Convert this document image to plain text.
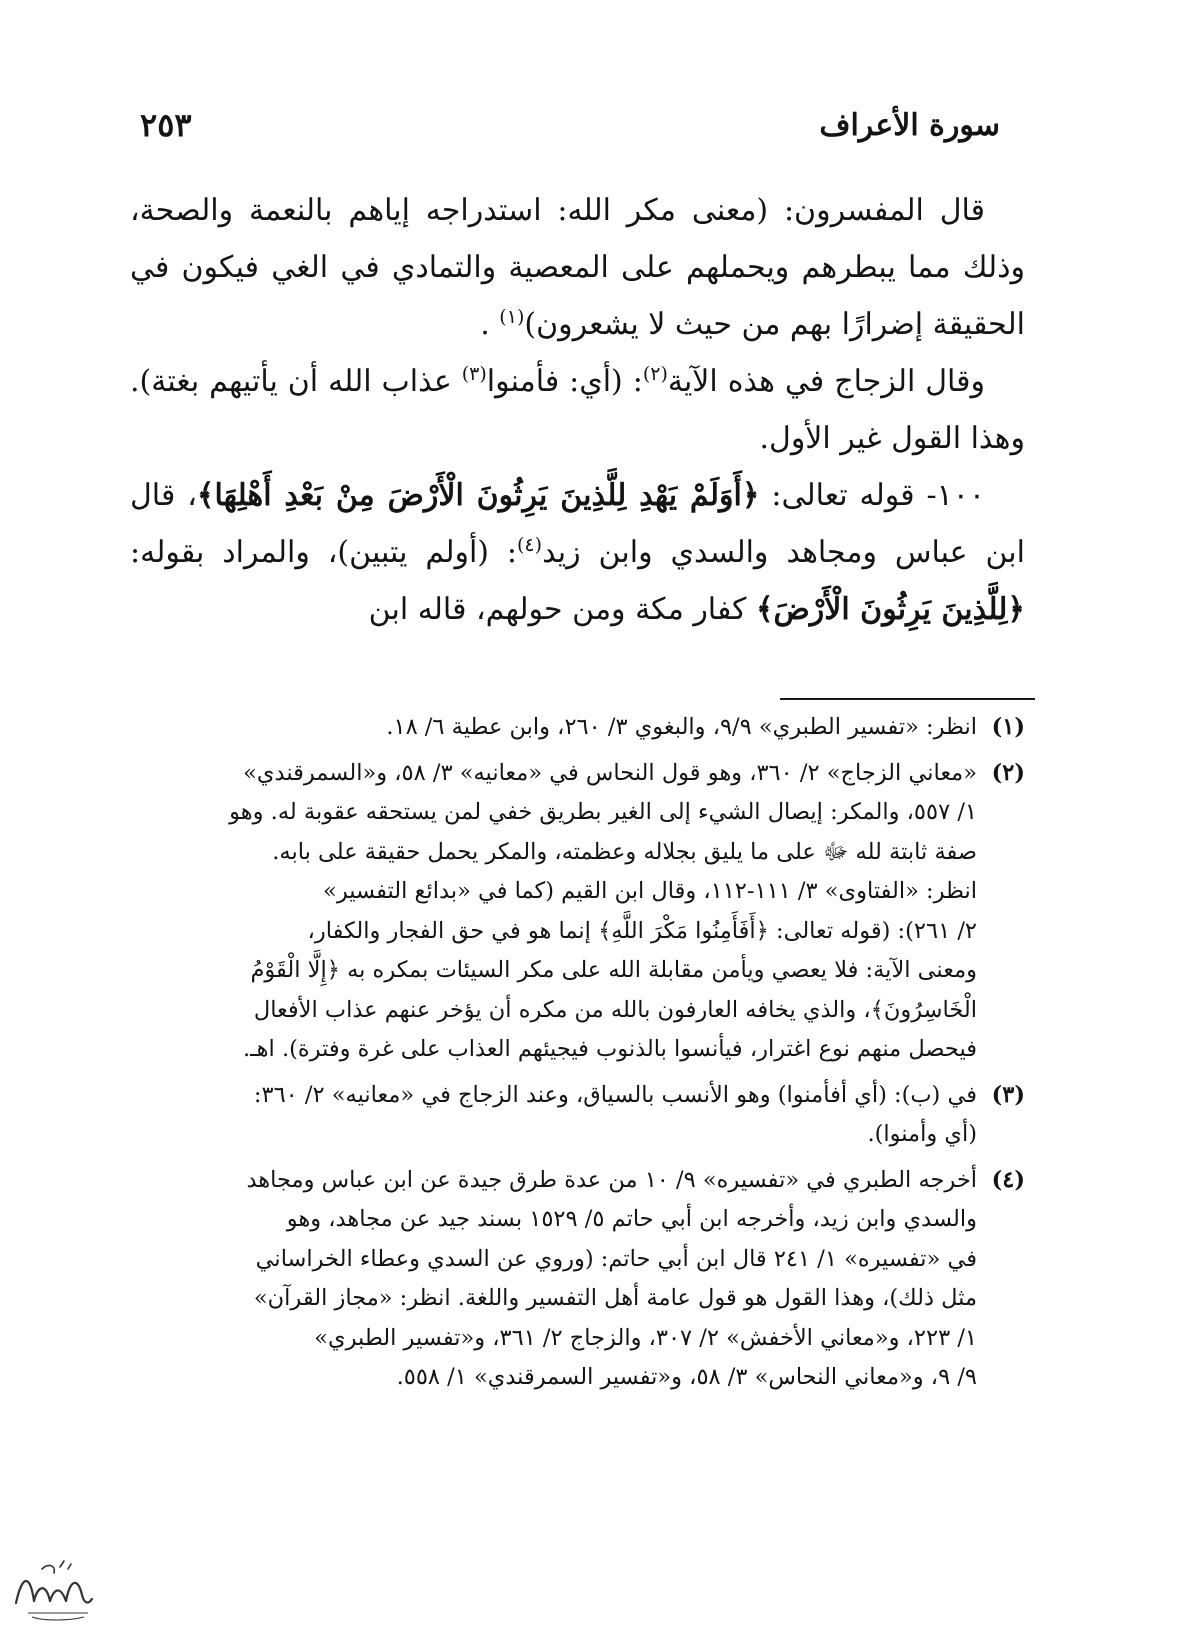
سورة الأعراف
٢٥٣

قال المفسرون: (معنى مكر الله: استدراجه إياهم بالنعمة والصحة، وذلك مما يبطرهم ويحملهم على المعصية والتمادي في الغي فيكون في الحقيقة إضرارًا بهم من حيث لا يشعرون)$^{(١)}$ .

وقال الزجاج في هذه الآية$^{(٢)}$: (أي: فأمنوا$^{(٣)}$ عذاب الله أن يأتيهم بغتة). وهذا القول غير الأول.

١٠٠- قوله تعالى: ﴿أَوَلَمْ يَهْدِ لِلَّذِينَ يَرِثُونَ الْأَرْضَ مِنْ بَعْدِ أَهْلِهَا﴾، قال ابن عباس ومجاهد والسدي وابن زيد$^{(٤)}$: (أولم يتبين)، والمراد بقوله: ﴿لِلَّذِينَ يَرِثُونَ الْأَرْضَ﴾ كفار مكة ومن حولهم، قاله ابن

(١)
انظر: «تفسير الطبري» ٩/٩، والبغوي ٣/ ٢٦٠، وابن عطية ٦/ ١٨.
(٢)
«معاني الزجاج» ٢/ ٣٦٠، وهو قول النحاس في «معانيه» ٣/ ٥٨، و«السمرقندي»
١/ ٥٥٧، والمكر: إيصال الشيء إلى الغير بطريق خفي لمن يستحقه عقوبة له. وهو
صفة ثابتة لله ﷻ على ما يليق بجلاله وعظمته، والمكر يحمل حقيقة على بابه.
انظر: «الفتاوى» ٣/ ١١١-١١٢، وقال ابن القيم (كما في «بدائع التفسير»
٢/ ٢٦١): (قوله تعالى: ﴿أَفَأَمِنُوا مَكْرَ اللَّهِ﴾ إنما هو في حق الفجار والكفار،
ومعنى الآية: فلا يعصي ويأمن مقابلة الله على مكر السيئات بمكره به ﴿إِلَّا الْقَوْمُ
الْخَاسِرُونَ﴾، والذي يخافه العارفون بالله من مكره أن يؤخر عنهم عذاب الأفعال
فيحصل منهم نوع اغترار، فيأنسوا بالذنوب فيجيئهم العذاب على غرة وفترة). اهـ.
(٣)
في (ب): (أي أفأمنوا) وهو الأنسب بالسياق، وعند الزجاج في «معانيه» ٢/ ٣٦٠:
(أي وأمنوا).
(٤)
أخرجه الطبري في «تفسيره» ٩/ ١٠ من عدة طرق جيدة عن ابن عباس ومجاهد
والسدي وابن زيد، وأخرجه ابن أبي حاتم ٥/ ١٥٢٩ بسند جيد عن مجاهد، وهو
في «تفسيره» ١/ ٢٤١ قال ابن أبي حاتم: (وروي عن السدي وعطاء الخراساني
مثل ذلك)، وهذا القول هو قول عامة أهل التفسير واللغة. انظر: «مجاز القرآن»
١/ ٢٢٣، و«معاني الأخفش» ٢/ ٣٠٧، والزجاج ٢/ ٣٦١، و«تفسير الطبري»
٩/ ٩، و«معاني النحاس» ٣/ ٥٨، و«تفسير السمرقندي» ١/ ٥٥٨.
